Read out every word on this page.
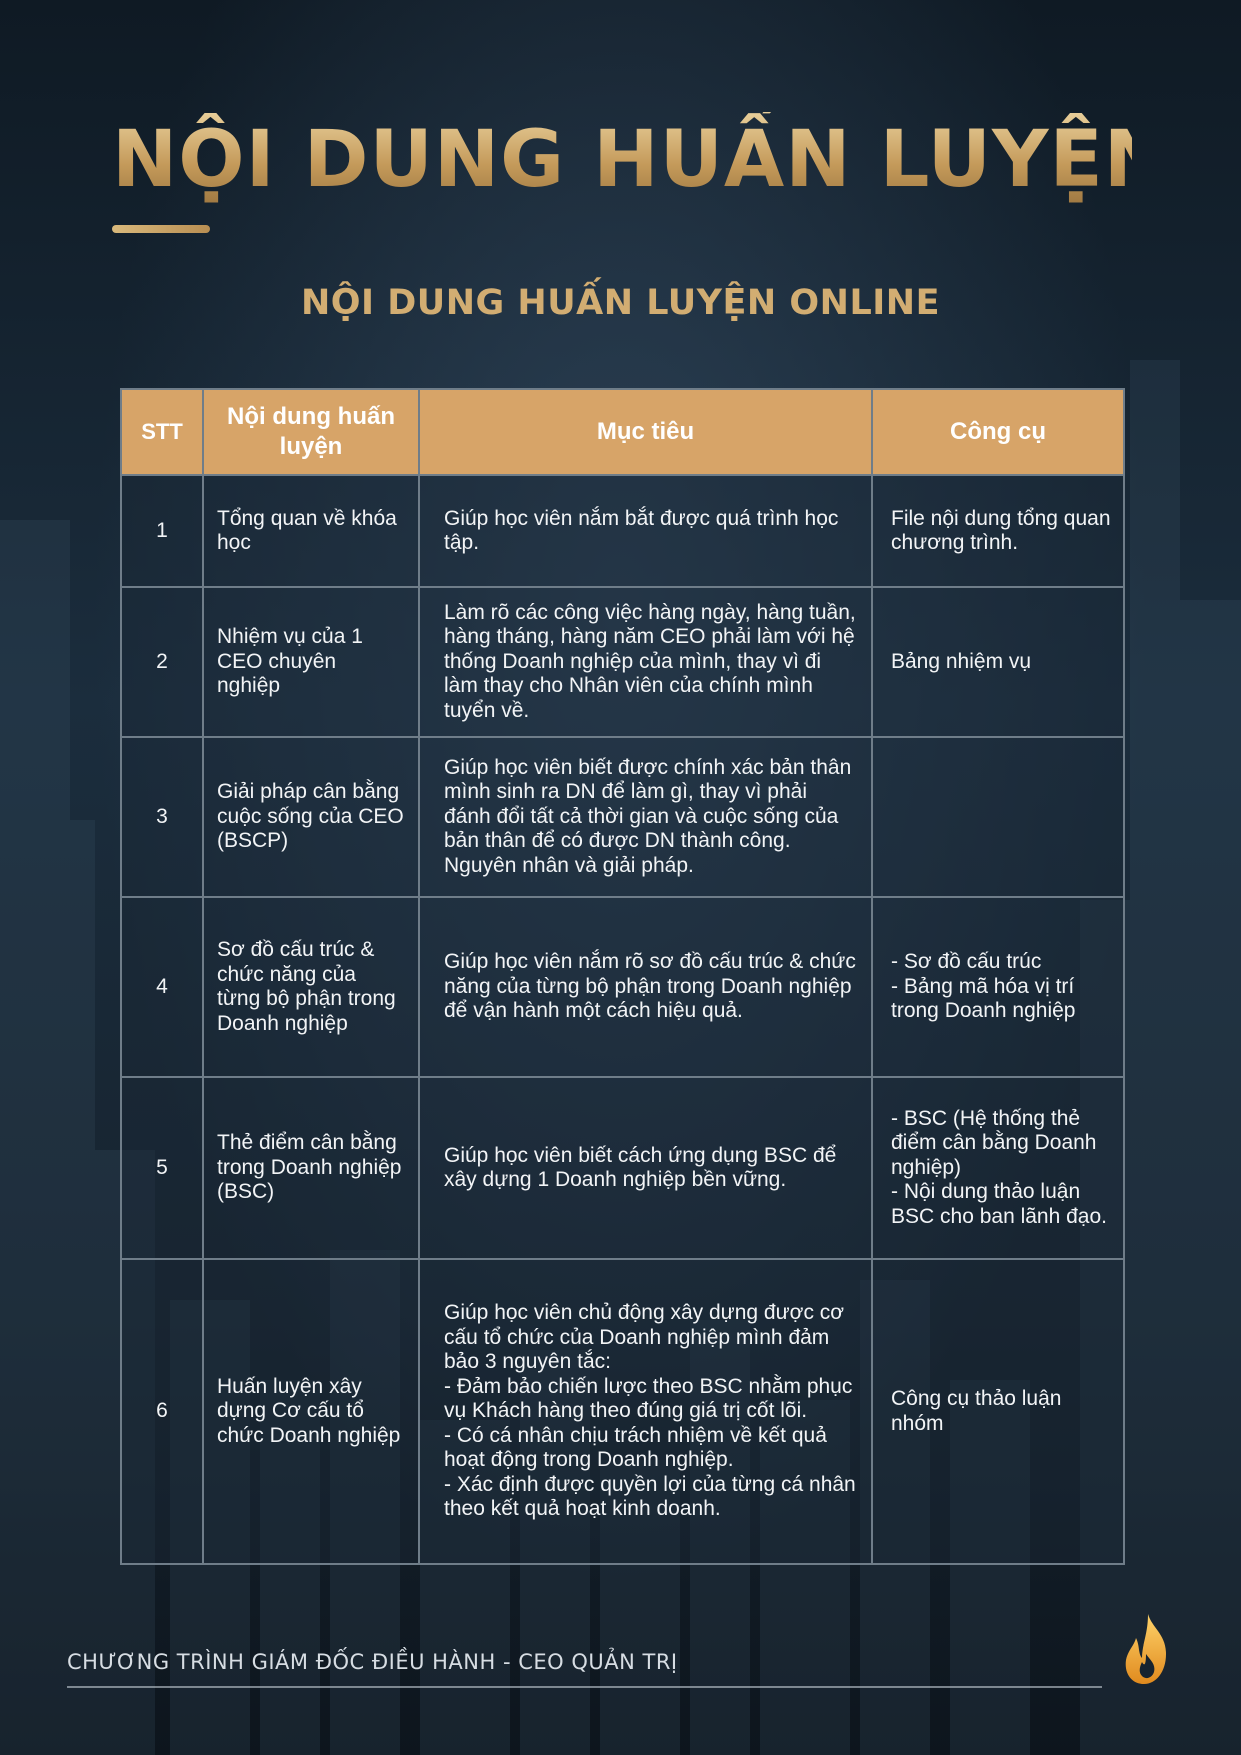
NỘI DUNG HUẤN LUYỆN
NỘI DUNG HUẤN LUYỆN ONLINE
STT	Nội dung huấn luyện	Mục tiêu	Công cụ
1	Tổng quan về khóa học	Giúp học viên nắm bắt được quá trình học tập.	File nội dung tổng quan chương trình.
2	Nhiệm vụ của 1 CEO chuyên nghiệp	Làm rõ các công việc hàng ngày, hàng tuần, hàng tháng, hàng năm CEO phải làm với hệ thống Doanh nghiệp của mình, thay vì đi làm thay cho Nhân viên của chính mình tuyển về.	Bảng nhiệm vụ
3	Giải pháp cân bằng cuộc sống của CEO (BSCP)	Giúp học viên biết được chính xác bản thân mình sinh ra DN để làm gì, thay vì phải đánh đổi tất cả thời gian và cuộc sống của bản thân để có được DN thành công. Nguyên nhân và giải pháp.	
4	Sơ đồ cấu trúc & chức năng của từng bộ phận trong Doanh nghiệp	Giúp học viên nắm rõ sơ đồ cấu trúc & chức năng của từng bộ phận trong Doanh nghiệp để vận hành một cách hiệu quả.	- Sơ đồ cấu trúc
- Bảng mã hóa vị trí trong Doanh nghiệp
5	Thẻ điểm cân bằng trong Doanh nghiệp (BSC)	Giúp học viên biết cách ứng dụng BSC để xây dựng 1 Doanh nghiệp bền vững.	- BSC (Hệ thống thẻ điểm cân bằng Doanh nghiệp)
- Nội dung thảo luận BSC cho ban lãnh đạo.
6	Huấn luyện xây dựng Cơ cấu tổ chức Doanh nghiệp	Giúp học viên chủ động xây dựng được cơ cấu tổ chức của Doanh nghiệp mình đảm bảo 3 nguyên tắc:
- Đảm bảo chiến lược theo BSC nhằm phục vụ Khách hàng theo đúng giá trị cốt lõi.
- Có cá nhân chịu trách nhiệm về kết quả hoạt động trong Doanh nghiệp.
- Xác định được quyền lợi của từng cá nhân theo kết quả hoạt kinh doanh.	Công cụ thảo luận nhóm

CHƯƠNG TRÌNH GIÁM ĐỐC ĐIỀU HÀNH - CEO QUẢN TRỊ
